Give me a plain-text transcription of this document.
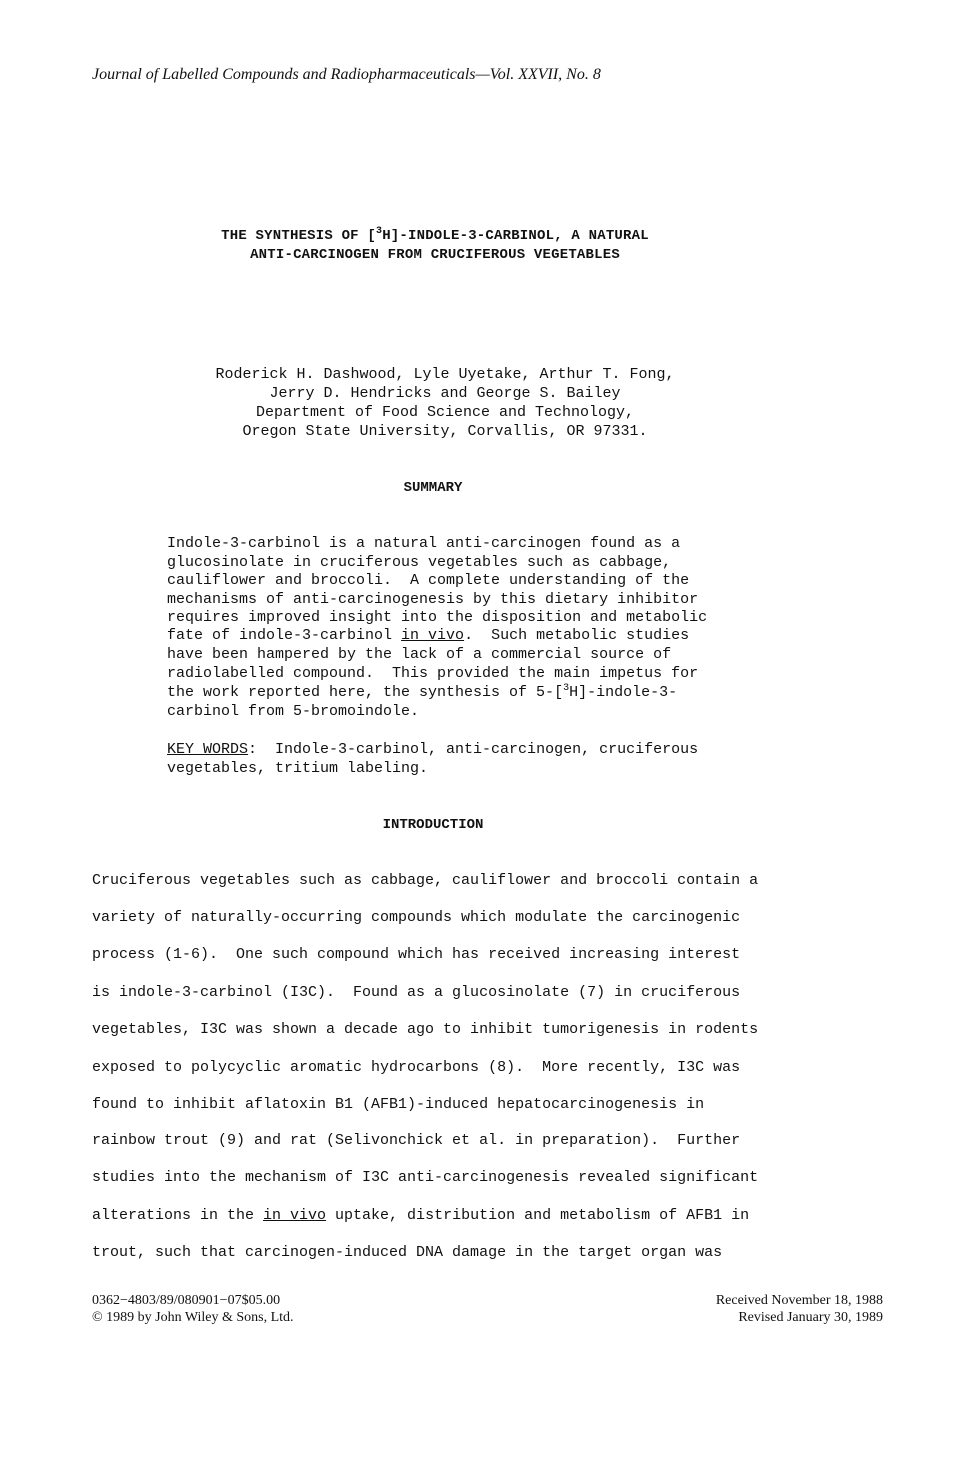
Journal of Labelled Compounds and Radiopharmaceuticals—Vol. XXVII, No. 8
THE SYNTHESIS OF [$^3$H]-INDOLE-3-CARBINOL, A NATURAL
ANTI-CARCINOGEN FROM CRUCIFEROUS VEGETABLES
Roderick H. Dashwood, Lyle Uyetake, Arthur T. Fong,
Jerry D. Hendricks and George S. Bailey
Department of Food Science and Technology,
Oregon State University, Corvallis, OR 97331.
SUMMARY
Indole-3-carbinol is a natural anti-carcinogen found as a
glucosinolate in cruciferous vegetables such as cabbage,
cauliflower and broccoli.  A complete understanding of the
mechanisms of anti-carcinogenesis by this dietary inhibitor
requires improved insight into the disposition and metabolic
fate of indole-3-carbinol in vivo.  Such metabolic studies
have been hampered by the lack of a commercial source of
radiolabelled compound.  This provided the main impetus for
the work reported here, the synthesis of 5-[$^3$H]-indole-3-
carbinol from 5-bromoindole.
KEY WORDS:  Indole-3-carbinol, anti-carcinogen, cruciferous
vegetables, tritium labeling.
INTRODUCTION
Cruciferous vegetables such as cabbage, cauliflower and broccoli contain a
variety of naturally-occurring compounds which modulate the carcinogenic
process (1-6).  One such compound which has received increasing interest
is indole-3-carbinol (I3C).  Found as a glucosinolate (7) in cruciferous
vegetables, I3C was shown a decade ago to inhibit tumorigenesis in rodents
exposed to polycyclic aromatic hydrocarbons (8).  More recently, I3C was
found to inhibit aflatoxin B1 (AFB1)-induced hepatocarcinogenesis in
rainbow trout (9) and rat (Selivonchick et al. in preparation).  Further
studies into the mechanism of I3C anti-carcinogenesis revealed significant
alterations in the in vivo uptake, distribution and metabolism of AFB1 in
trout, such that carcinogen-induced DNA damage in the target organ was
0362−4803/89/080901−07$05.00
© 1989 by John Wiley & Sons, Ltd.
Received November 18, 1988
Revised January 30, 1989
